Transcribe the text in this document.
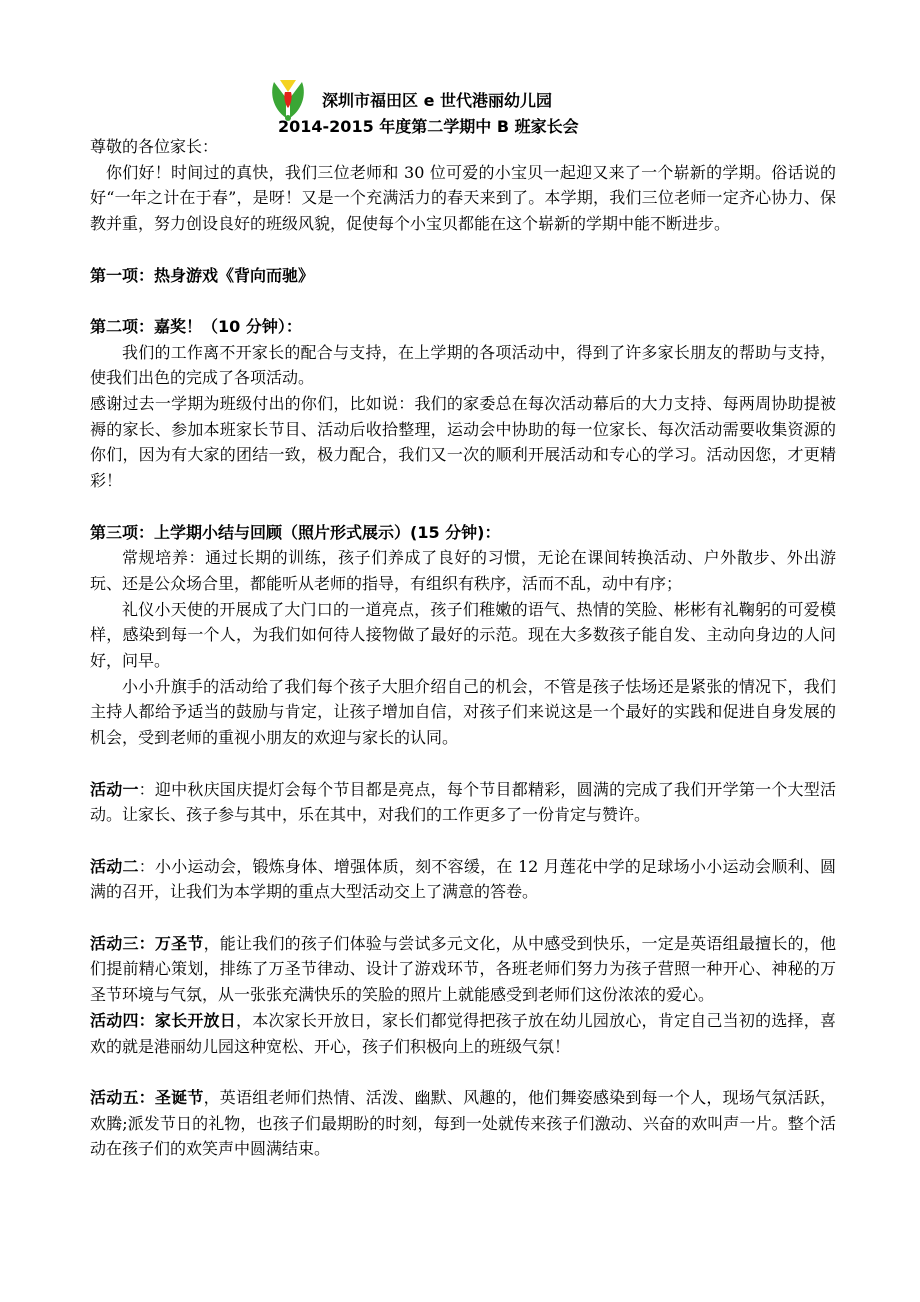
深圳市福田区 e 世代港丽幼儿园
2014-2015 年度第二学期中 B 班家长会

尊敬的各位家长：

你们好！时间过的真快，我们三位老师和 30 位可爱的小宝贝一起迎又来了一个崭新的学期。俗话说的好“一年之计在于春”，是呀！又是一个充满活力的春天来到了。本学期，我们三位老师一定齐心协力、保教并重，努力创设良好的班级风貌，促使每个小宝贝都能在这个崭新的学期中能不断进步。

第一项：热身游戏《背向而驰》

第二项：嘉奖！（10 分钟）：

我们的工作离不开家长的配合与支持，在上学期的各项活动中，得到了许多家长朋友的帮助与支持，使我们出色的完成了各项活动。

感谢过去一学期为班级付出的你们，比如说：我们的家委总在每次活动幕后的大力支持、每两周协助提被褥的家长、参加本班家长节目、活动后收拾整理，运动会中协助的每一位家长、每次活动需要收集资源的你们，因为有大家的团结一致，极力配合，我们又一次的顺利开展活动和专心的学习。活动因您，才更精彩！

第三项：上学期小结与回顾（照片形式展示）(15 分钟)：

常规培养：通过长期的训练，孩子们养成了良好的习惯，无论在课间转换活动、户外散步、外出游玩、还是公众场合里，都能听从老师的指导，有组织有秩序，活而不乱，动中有序；

礼仪小天使的开展成了大门口的一道亮点，孩子们稚嫩的语气、热情的笑脸、彬彬有礼鞠躬的可爱模样，感染到每一个人，为我们如何待人接物做了最好的示范。现在大多数孩子能自发、主动向身边的人问好，问早。

小小升旗手的活动给了我们每个孩子大胆介绍自己的机会，不管是孩子怯场还是紧张的情况下，我们主持人都给予适当的鼓励与肯定，让孩子增加自信，对孩子们来说这是一个最好的实践和促进自身发展的机会，受到老师的重视小朋友的欢迎与家长的认同。

活动一：迎中秋庆国庆提灯会每个节目都是亮点，每个节目都精彩，圆满的完成了我们开学第一个大型活动。让家长、孩子参与其中，乐在其中，对我们的工作更多了一份肯定与赞许。

活动二：小小运动会，锻炼身体、增强体质，刻不容缓，在 12 月莲花中学的足球场小小运动会顺利、圆满的召开，让我们为本学期的重点大型活动交上了满意的答卷。

活动三：万圣节，能让我们的孩子们体验与尝试多元文化，从中感受到快乐，一定是英语组最擅长的，他们提前精心策划，排练了万圣节律动、设计了游戏环节，各班老师们努力为孩子营照一种开心、神秘的万圣节环境与气氛，从一张张充满快乐的笑脸的照片上就能感受到老师们这份浓浓的爱心。

活动四：家长开放日，本次家长开放日，家长们都觉得把孩子放在幼儿园放心，肯定自己当初的选择，喜欢的就是港丽幼儿园这种宽松、开心，孩子们积极向上的班级气氛！

活动五：圣诞节，英语组老师们热情、活泼、幽默、风趣的，他们舞姿感染到每一个人，现场气氛活跃，欢腾;派发节日的礼物，也孩子们最期盼的时刻，每到一处就传来孩子们激动、兴奋的欢叫声一片。整个活动在孩子们的欢笑声中圆满结束。
